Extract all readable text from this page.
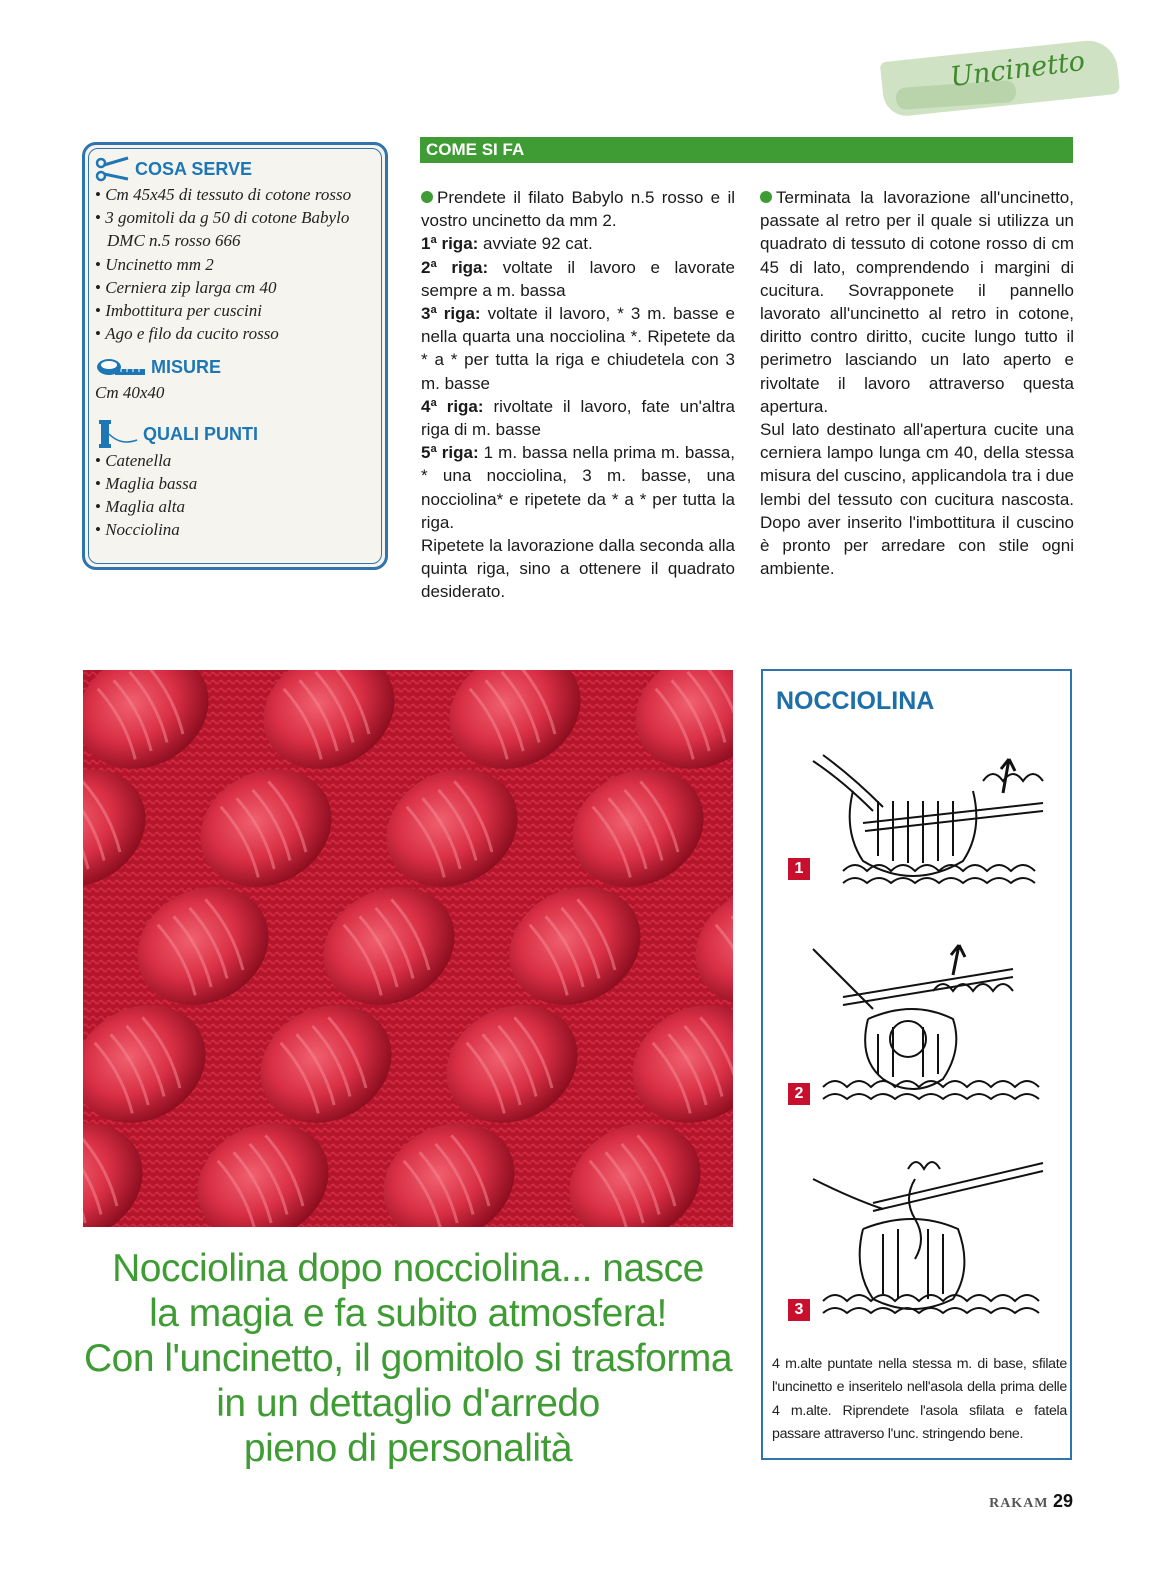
Uncinetto
COSA SERVE
• Cm 45x45 di tessuto di cotone rosso
• 3 gomitoli da g 50 di cotone Babylo
DMC n.5 rosso 666
• Uncinetto mm 2
• Cerniera zip larga cm 40
• Imbottitura per cuscini
• Ago e filo da cucito rosso
MISURE
Cm 40x40
QUALI PUNTI
• Catenella
• Maglia bassa
• Maglia alta
• Nocciolina
COME SI FA

Prendete il filato Babylo n.5 rosso e il vostro uncinetto da mm 2.

1ª riga: avviate 92 cat.

2ª riga: voltate il lavoro e lavorate sempre a m. bassa

3ª riga: voltate il lavoro, * 3 m. basse e nella quarta una nocciolina *. Ripetete da * a * per tutta la riga e chiudetela con 3 m. basse

4ª riga: rivoltate il lavoro, fate un'altra riga di m. basse

5ª riga: 1 m. bassa nella prima m. bassa, * una nocciolina, 3 m. basse, una nocciolina* e ripetete da * a * per tutta la riga.

Ripetete la lavorazione dalla seconda alla quinta riga, sino a ottenere il quadrato desiderato.

Terminata la lavorazione all'uncinetto, passate al retro per il quale si utilizza un quadrato di tessuto di cotone rosso di cm 45 di lato, comprendendo i margini di cucitura. Sovrapponete il pannello lavorato all'uncinetto al retro in cotone, diritto contro diritto, cucite lungo tutto il perimetro lasciando un lato aperto e rivoltate il lavoro attraverso questa apertura.

Sul lato destinato all'apertura cucite una cerniera lampo lunga cm 40, della stessa misura del cuscino, applicandola tra i due lembi del tessuto con cucitura nascosta. Dopo aver inserito l'imbottitura il cuscino è pronto per arredare con stile ogni ambiente.

Nocciolina dopo nocciolina... nasce
la magia e fa subito atmosfera!
Con l'uncinetto, il gomitolo si trasforma
in un dettaglio d'arredo
pieno di personalità
NOCCIOLINA
1
2
3
4 m.alte puntate nella stessa m. di base, sfilate l'uncinetto e inseritelo nell'asola della prima delle 4 m.alte. Riprendete l'asola sfilata e fatela passare attraverso l'unc. stringendo bene.
RAKAM 29
